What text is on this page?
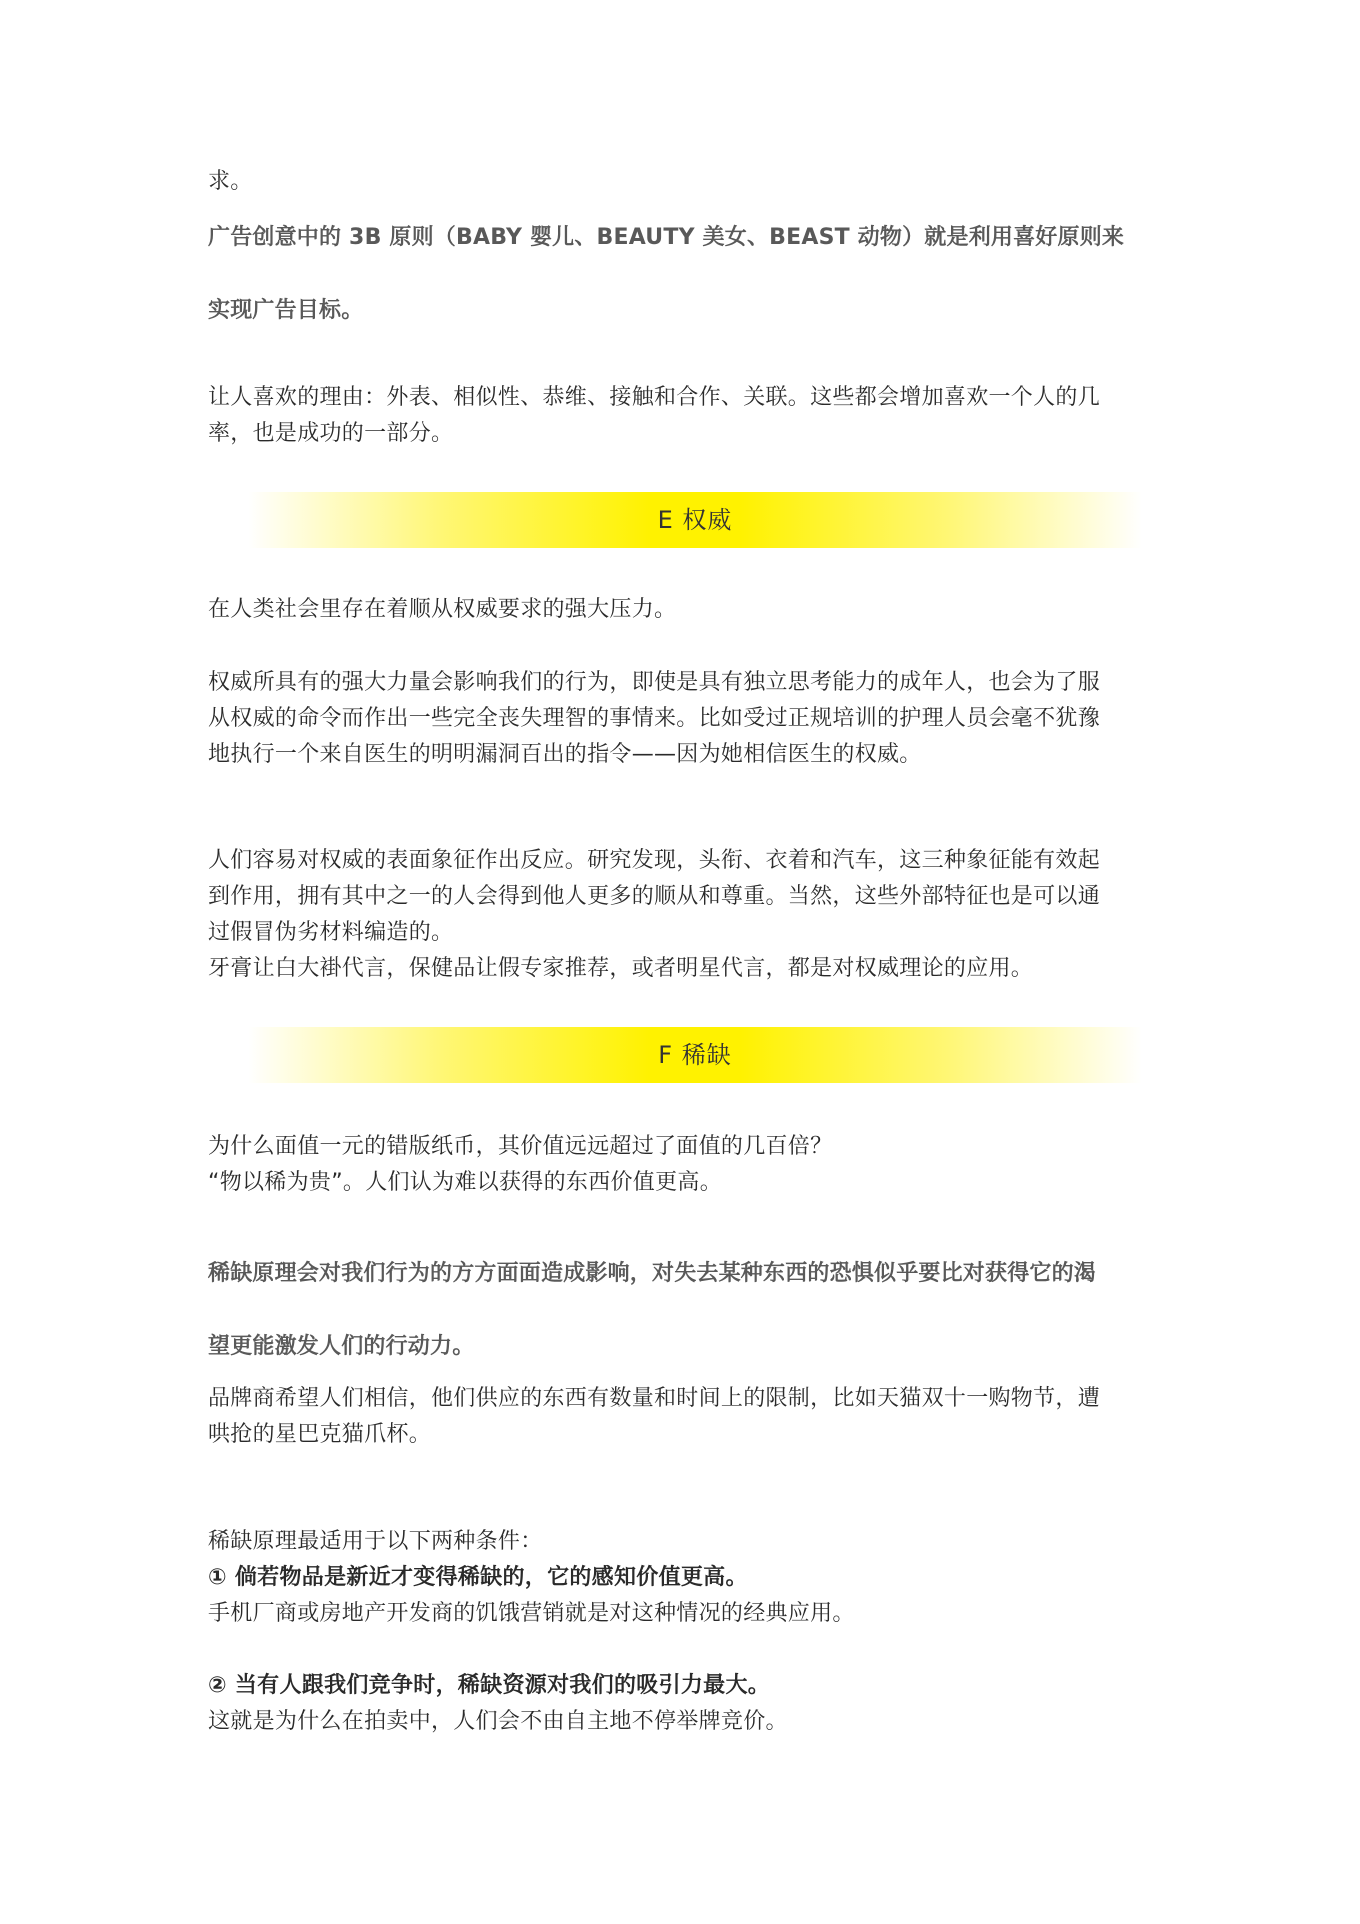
求。
广告创意中的 3B 原则（BABY 婴儿、BEAUTY 美女、BEAST 动物）就是利用喜好原则来
实现广告目标。
让人喜欢的理由：外表、相似性、恭维、接触和合作、关联。这些都会增加喜欢一个人的几
率，也是成功的一部分。
E 权威
在人类社会里存在着顺从权威要求的强大压力。
权威所具有的强大力量会影响我们的行为，即使是具有独立思考能力的成年人，也会为了服
从权威的命令而作出一些完全丧失理智的事情来。比如受过正规培训的护理人员会毫不犹豫
地执行一个来自医生的明明漏洞百出的指令——因为她相信医生的权威。
人们容易对权威的表面象征作出反应。研究发现，头衔、衣着和汽车，这三种象征能有效起
到作用，拥有其中之一的人会得到他人更多的顺从和尊重。当然，这些外部特征也是可以通
过假冒伪劣材料编造的。
牙膏让白大褂代言，保健品让假专家推荐，或者明星代言，都是对权威理论的应用。
F 稀缺
为什么面值一元的错版纸币，其价值远远超过了面值的几百倍？
“物以稀为贵”。人们认为难以获得的东西价值更高。
稀缺原理会对我们行为的方方面面造成影响，对失去某种东西的恐惧似乎要比对获得它的渴
望更能激发人们的行动力。
品牌商希望人们相信，他们供应的东西有数量和时间上的限制，比如天猫双十一购物节，遭
哄抢的星巴克猫爪杯。
稀缺原理最适用于以下两种条件：
① 倘若物品是新近才变得稀缺的，它的感知价值更高。
手机厂商或房地产开发商的饥饿营销就是对这种情况的经典应用。
② 当有人跟我们竞争时，稀缺资源对我们的吸引力最大。
这就是为什么在拍卖中，人们会不由自主地不停举牌竞价。
